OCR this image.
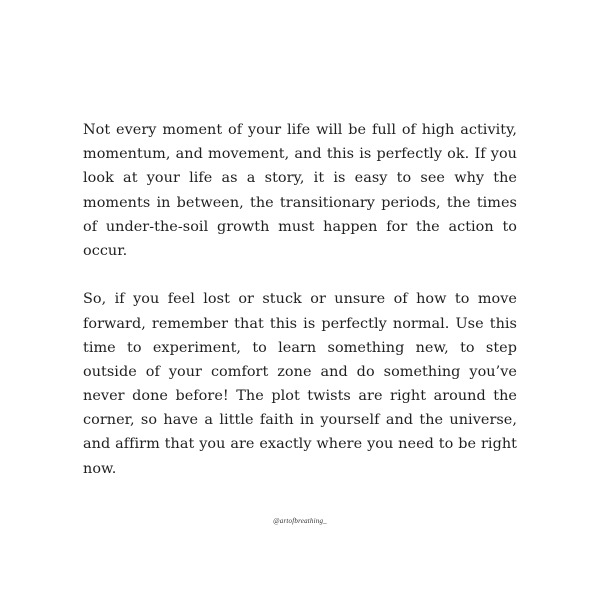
Not every moment of your life will be full of high activity,
momentum, and movement, and this is perfectly ok. If you
look at your life as a story, it is easy to see why the
moments in between, the transitionary periods, the times
of under-the-soil growth must happen for the action to
occur.
So, if you feel lost or stuck or unsure of how to move
forward, remember that this is perfectly normal. Use this
time to experiment, to learn something new, to step
outside of your comfort zone and do something you’ve
never done before! The plot twists are right around the
corner, so have a little faith in yourself and the universe,
and affirm that you are exactly where you need to be right
now.
@artofbreathing_
